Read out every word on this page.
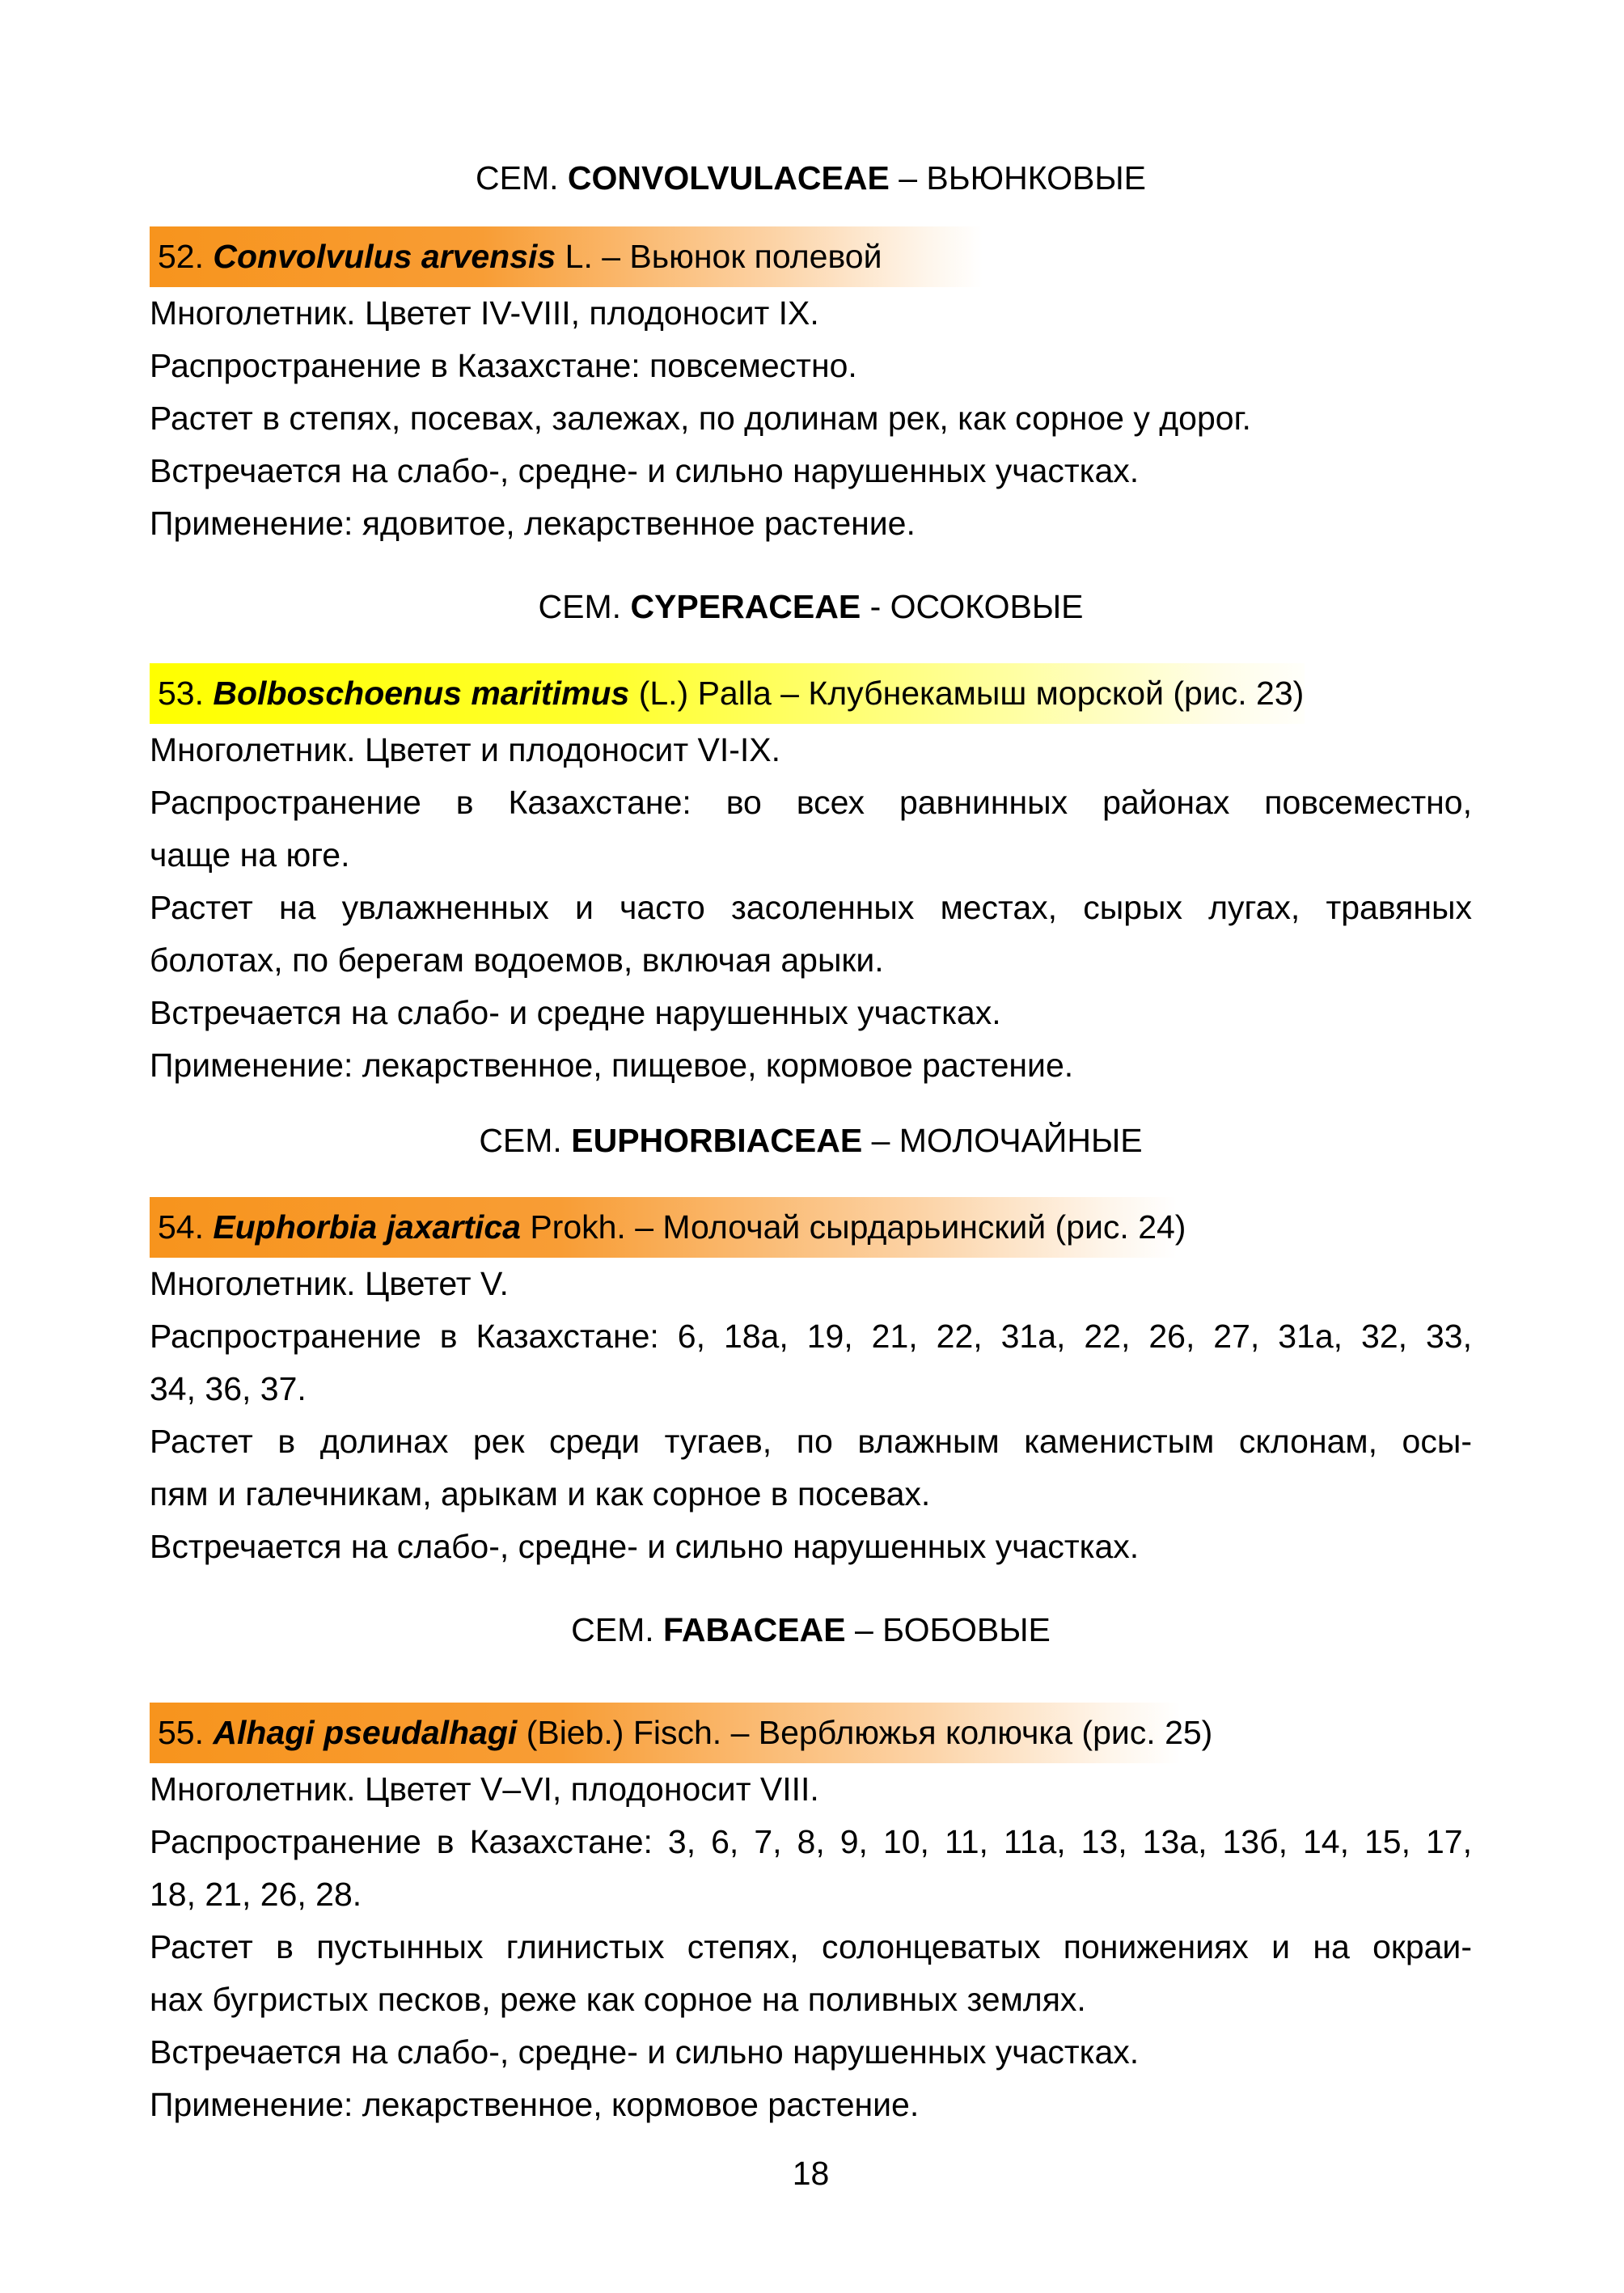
СЕМ. CONVOLVULACEAE – ВЬЮНКОВЫЕ
52. Convolvulus arvensis L. – Вьюнок полевой

Многолетник. Цветет IV-VIII, плодоносит IX.

Распространение в Казахстане: повсеместно.

Растет в степях, посевах, залежах, по долинам рек, как сорное у дорог.

Встречается на слабо-, средне- и сильно нарушенных участках.

Применение: ядовитое, лекарственное растение.

СЕМ. CYPERACEAE - ОСОКОВЫЕ
53. Bolboschoenus maritimus (L.) Palla – Клубнекамыш морской (рис. 23)

Многолетник. Цветет и плодоносит VI-IX.

Распространение в Казахстане: во всех равнинных районах повсеместно,
чаще на юге.

Растет на увлажненных и часто засоленных местах, сырых лугах, травяных
болотах, по берегам водоемов, включая арыки.

Встречается на слабо- и средне нарушенных участках.

Применение: лекарственное, пищевое, кормовое растение.

СЕМ. EUPHORBIACEAE – МОЛОЧАЙНЫЕ
54. Euphorbia jaxartica Prokh. – Молочай сырдарьинский (рис. 24)

Многолетник. Цветет V.

Распространение в Казахстане: 6, 18а, 19, 21, 22, 31а, 22, 26, 27, 31а, 32, 33,
34, 36, 37.

Растет в долинах рек среди тугаев, по влажным каменистым склонам, осы-
пям и галечникам, арыкам и как сорное в посевах.

Встречается на слабо-, средне- и сильно нарушенных участках.

СЕМ. FABACEAE – БОБОВЫЕ
55. Alhagi pseudalhagi (Bieb.) Fisch. – Верблюжья колючка (рис. 25)

Многолетник. Цветет V–VI, плодоносит VIII.

Распространение в Казахстане: 3, 6, 7, 8, 9, 10, 11, 11а, 13, 13а, 13б, 14, 15, 17,
18, 21, 26, 28.

Растет в пустынных глинистых степях, солонцеватых понижениях и на окраи-
нах бугристых песков, реже как сорное на поливных землях.

Встречается на слабо-, средне- и сильно нарушенных участках.

Применение: лекарственное, кормовое растение.

18
